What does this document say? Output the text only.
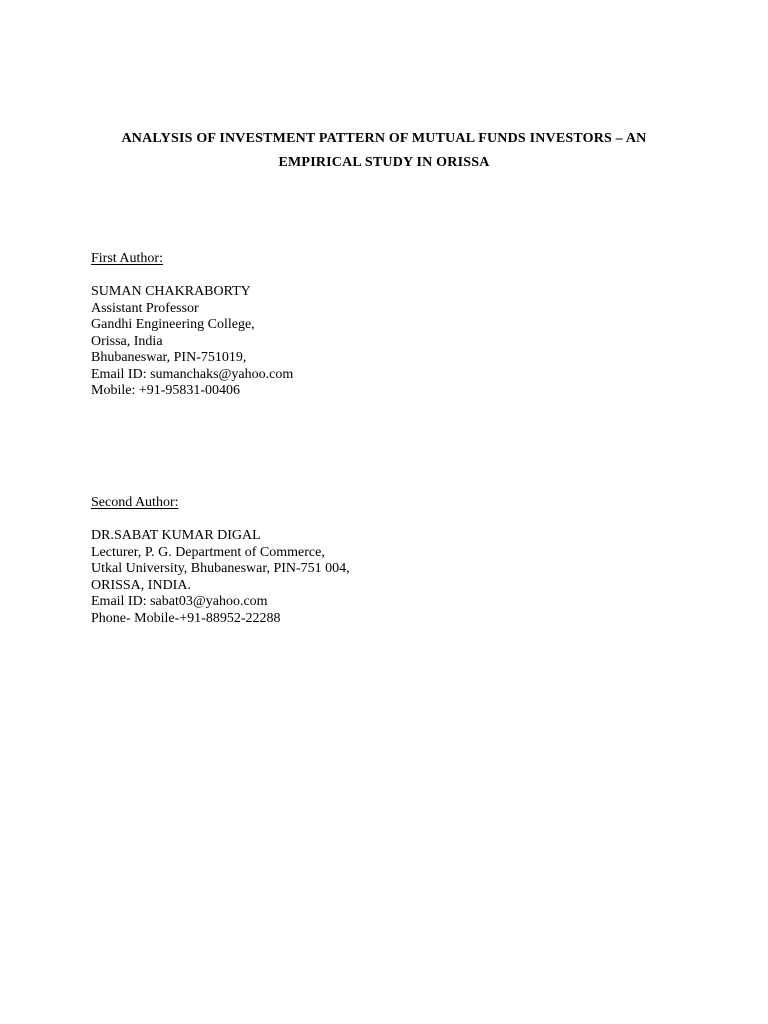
ANALYSIS OF INVESTMENT PATTERN OF MUTUAL FUNDS INVESTORS – AN
EMPIRICAL STUDY IN ORISSA
First Author:
SUMAN CHAKRABORTY
Assistant Professor
Gandhi Engineering College,
Orissa, India
Bhubaneswar, PIN-751019,
Email ID: sumanchaks@yahoo.com
Mobile: +91-95831-00406
Second Author:
DR.SABAT KUMAR DIGAL
Lecturer, P. G. Department of Commerce,
Utkal University, Bhubaneswar, PIN-751 004,
ORISSA, INDIA.
Email ID: sabat03@yahoo.com
Phone- Mobile-+91-88952-22288
